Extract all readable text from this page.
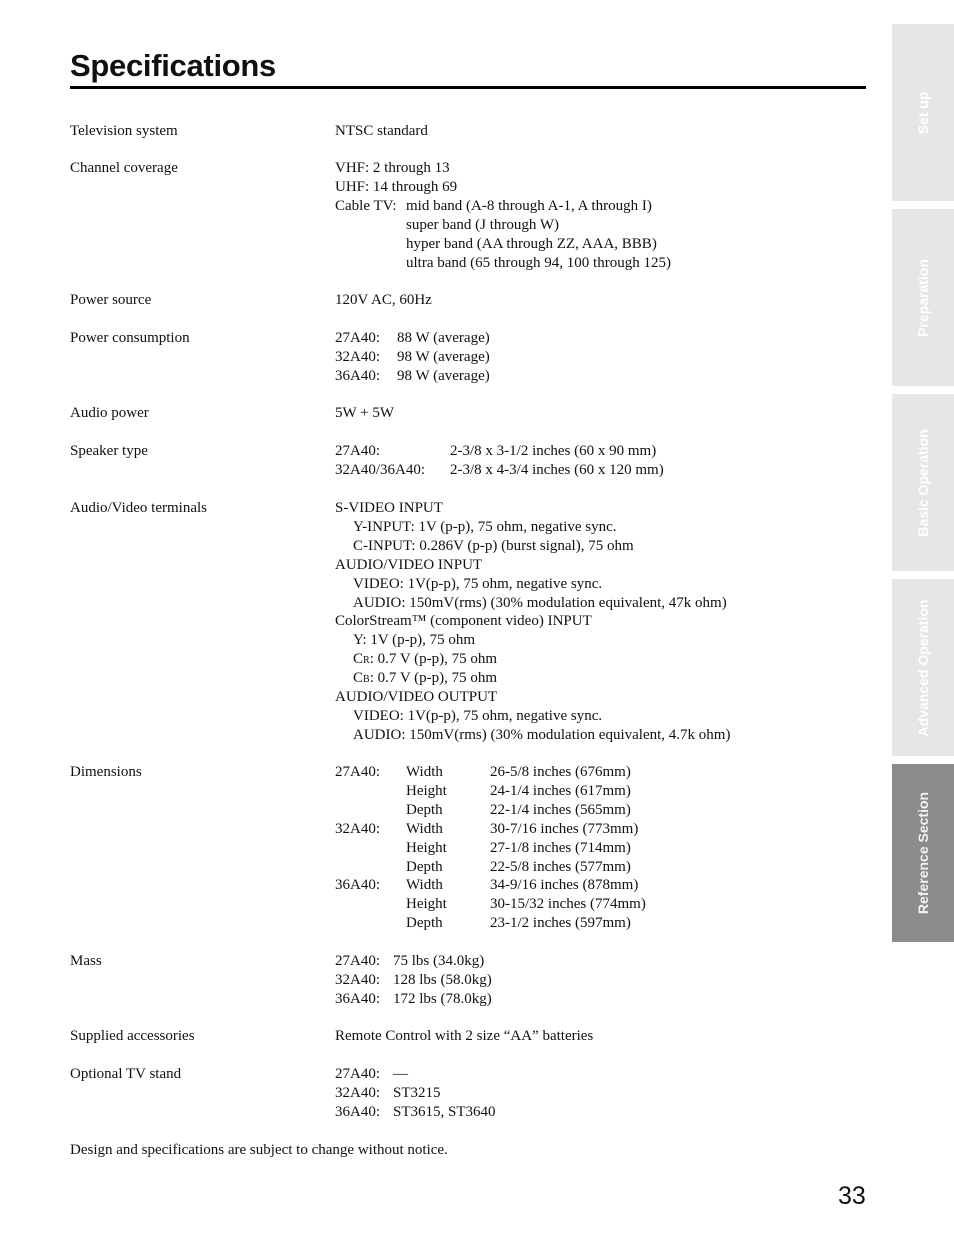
Specifications
Television system	NTSC standard
Channel coverage	VHF: 2 through 13
UHF: 14 through 69
Cable TV: mid band (A-8 through A-1, A through I)
super band (J through W)
hyper band (AA through ZZ, AAA, BBB)
ultra band (65 through 94, 100 through 125)
Power source	120V AC, 60Hz
Power consumption	27A40: 88 W (average)
32A40: 98 W (average)
36A40: 98 W (average)
Audio power	5W + 5W
Speaker type	27A40:	2-3/8 x 3-1/2 inches (60 x 90 mm)
32A40/36A40: 2-3/8 x 4-3/4 inches (60 x 120 mm)
Audio/Video terminals	S-VIDEO INPUT
Y-INPUT: 1V (p-p), 75 ohm, negative sync.
C-INPUT: 0.286V (p-p) (burst signal), 75 ohm
AUDIO/VIDEO INPUT
VIDEO: 1V(p-p), 75 ohm, negative sync.
AUDIO: 150mV(rms) (30% modulation equivalent, 47k ohm)
ColorStream™ (component video) INPUT
Y: 1V (p-p), 75 ohm
CR: 0.7 V (p-p), 75 ohm
CB: 0.7 V (p-p), 75 ohm
AUDIO/VIDEO OUTPUT
VIDEO: 1V(p-p), 75 ohm, negative sync.
AUDIO: 150mV(rms) (30% modulation equivalent, 4.7k ohm)
Dimensions	27A40: Width	26-5/8 inches (676mm)
Height	24-1/4 inches (617mm)
Depth	22-1/4 inches (565mm)
32A40: Width	30-7/16 inches (773mm)
Height	27-1/8 inches (714mm)
Depth	22-5/8 inches (577mm)
36A40: Width	34-9/16 inches (878mm)
Height	30-15/32 inches (774mm)
Depth	23-1/2 inches (597mm)
Mass	27A40: 75 lbs (34.0kg)
32A40: 128 lbs (58.0kg)
36A40: 172 lbs (78.0kg)
Supplied accessories	Remote Control with 2 size “AA” batteries
Optional TV stand	27A40: —
32A40: ST3215
36A40: ST3615, ST3640
Design and specifications are subject to change without notice.
Set up
Preparation
Basic Operation
Advanced Operation
Reference Section
33
